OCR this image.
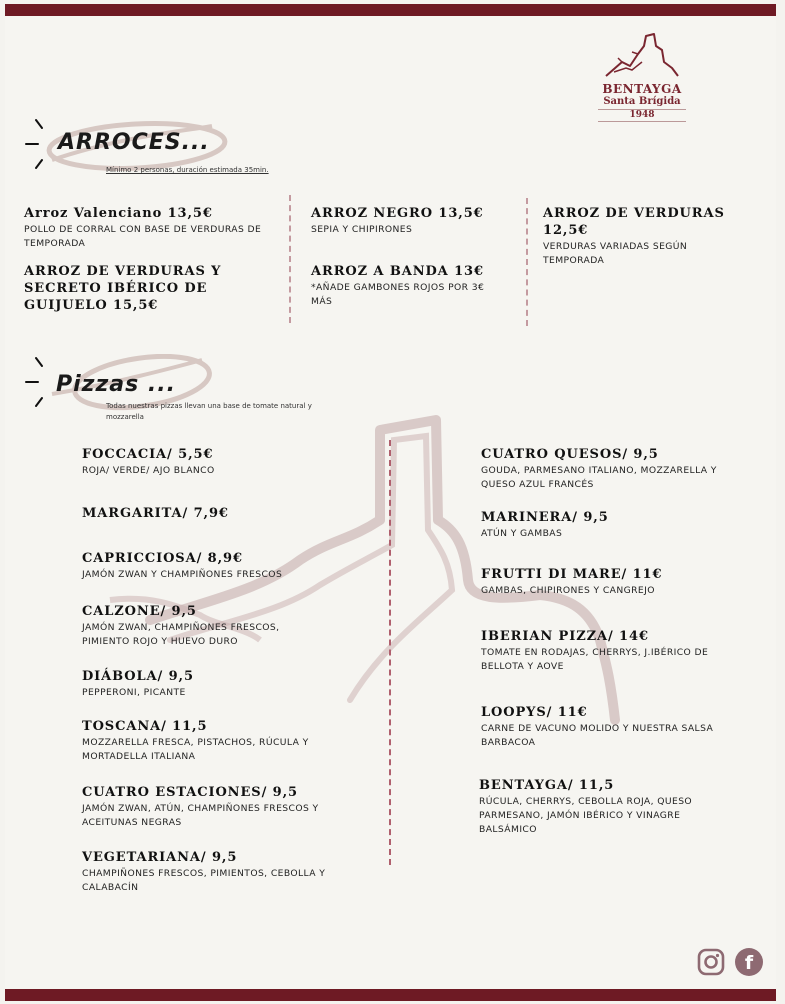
BENTAYGA
Santa Brígida
1948
ARROCES...
Mínimo 2 personas, duración estimada 35min.
Arroz Valenciano 13,5€
POLLO DE CORRAL CON BASE DE VERDURAS DE TEMPORADA
ARROZ DE VERDURAS Y SECRETO IBÉRICO DE GUIJUELO 15,5€
ARROZ NEGRO 13,5€
SEPIA Y CHIPIRONES
ARROZ A BANDA 13€
*AÑADE GAMBONES ROJOS POR 3€ MÁS
ARROZ DE VERDURAS 12,5€
VERDURAS VARIADAS SEGÚN TEMPORADA
Pizzas ...
Todas nuestras pizzas llevan una base de tomate natural y mozzarella
FOCCACIA/ 5,5€
ROJA/ VERDE/ AJO BLANCO
MARGARITA/ 7,9€
CAPRICCIOSA/ 8,9€
JAMÓN ZWAN Y CHAMPIÑONES FRESCOS
CALZONE/ 9,5
JAMÓN ZWAN, CHAMPIÑONES FRESCOS, PIMIENTO ROJO Y HUEVO DURO
DIÁBOLA/ 9,5
PEPPERONI, PICANTE
TOSCANA/ 11,5
MOZZARELLA FRESCA, PISTACHOS, RÚCULA Y MORTADELLA ITALIANA
CUATRO ESTACIONES/ 9,5
JAMÓN ZWAN, ATÚN, CHAMPIÑONES FRESCOS Y ACEITUNAS NEGRAS
VEGETARIANA/ 9,5
CHAMPIÑONES FRESCOS, PIMIENTOS, CEBOLLA Y CALABACÍN
CUATRO QUESOS/ 9,5
GOUDA, PARMESANO ITALIANO, MOZZARELLA Y QUESO AZUL FRANCÉS
MARINERA/ 9,5
ATÚN Y GAMBAS
FRUTTI DI MARE/ 11€
GAMBAS, CHIPIRONES Y CANGREJO
IBERIAN PIZZA/ 14€
TOMATE EN RODAJAS, CHERRYS, J.IBÉRICO DE BELLOTA Y AOVE
LOOPYS/ 11€
CARNE DE VACUNO MOLIDO Y NUESTRA SALSA BARBACOA
BENTAYGA/ 11,5
RÚCULA, CHERRYS, CEBOLLA ROJA, QUESO PARMESANO, JAMÓN IBÉRICO Y VINAGRE BALSÁMICO
f
